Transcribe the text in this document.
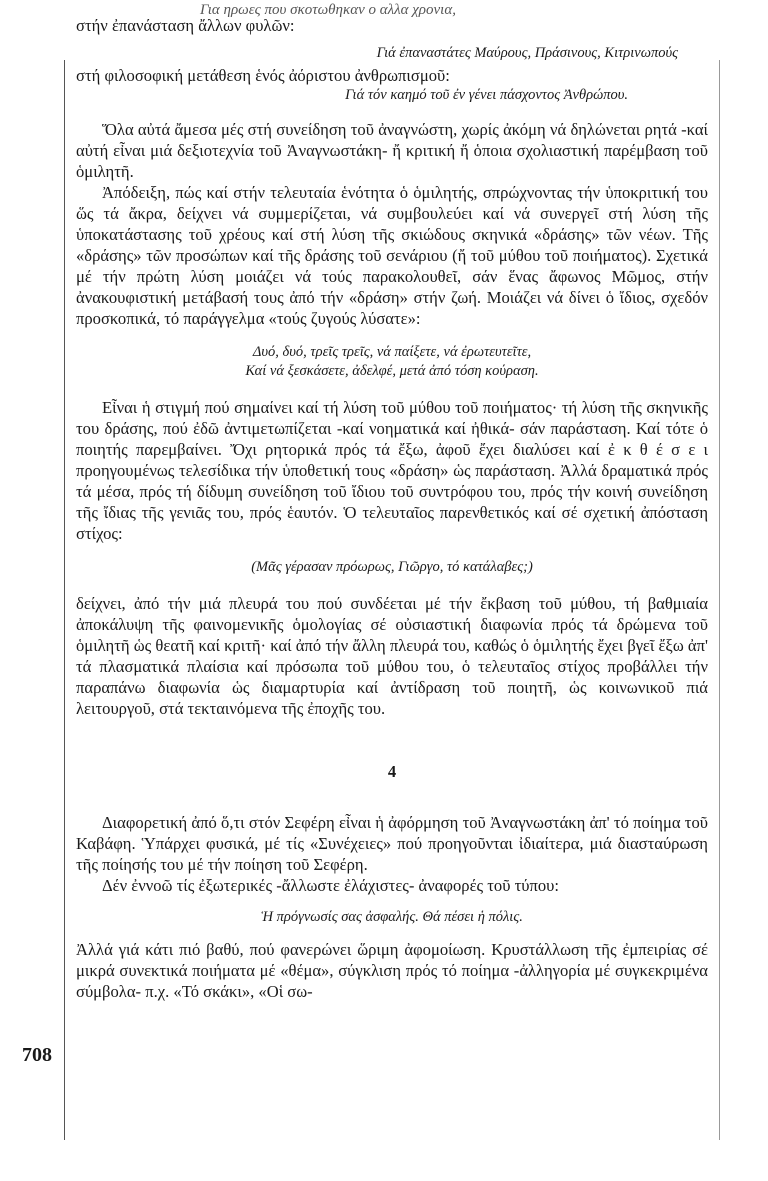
Για ηρωες που σκοτωθηκαν ο αλλα χρονια,
στήν ἐπανάσταση ἄλλων φυλῶν:

Γιά ἐπαναστάτες Μαύρους, Πράσινους, Κιτρινωπούς

στή φιλοσοφική μετάθεση ἑνός ἀόριστου ἀνθρωπισμοῦ:

Γιά τόν καημό τοῦ ἐν γένει πάσχοντος Ἀνθρώπου.

Ὅλα αὐτά ἄμεσα μές στή συνείδηση τοῦ ἀναγνώστη, χωρίς ἀκόμη νά δηλώνεται ρητά -καί αὐτή εἶναι μιά δεξιοτεχνία τοῦ Ἀναγνωστάκη- ἤ κριτική ἤ ὁποια σχολιαστική παρέμβαση τοῦ ὁμιλητῆ.

Ἀπόδειξη, πώς καί στήν τελευταία ἑνότητα ὁ ὁμιλητής, σπρώχνοντας τήν ὑποκριτική του ὥς τά ἄκρα, δείχνει νά συμμερίζεται, νά συμβουλεύει καί νά συνεργεῖ στή λύση τῆς ὑποκατάστασης τοῦ χρέους καί στή λύση τῆς σκιώδους σκηνικά «δράσης» τῶν νέων. Τῆς «δράσης» τῶν προσώπων καί τῆς δράσης τοῦ σενάριου (ἤ τοῦ μύθου τοῦ ποιήματος). Σχετικά μέ τήν πρώτη λύση μοιάζει νά τούς παρακολουθεῖ, σάν ἕνας ἄφωνος Μῶμος, στήν ἀνακουφιστική μετάβασή τους ἀπό τήν «δράση» στήν ζωή. Μοιάζει νά δίνει ὁ ἴδιος, σχεδόν προσκοπικά, τό παράγγελμα «τούς ζυγούς λύσατε»:

Δυό, δυό, τρεῖς τρεῖς, νά παίξετε, νά ἐρωτευτεῖτε,

Καί νά ξεσκάσετε, ἀδελφέ, μετά ἀπό τόση κούραση.

Εἶναι ἡ στιγμή πού σημαίνει καί τή λύση τοῦ μύθου τοῦ ποιήματος· τή λύση τῆς σκηνικῆς του δράσης, πού ἐδῶ ἀντιμετωπίζεται -καί νοηματικά καί ἠθικά- σάν παράσταση. Καί τότε ὁ ποιητής παρεμβαίνει. Ὄχι ρητορικά πρός τά ἔξω, ἀφοῦ ἔχει διαλύσει καί ἐ κ θ έ σ ε ι προηγουμένως τελεσίδικα τήν ὑποθετική τους «δράση» ὡς παράσταση. Ἀλλά δραματικά πρός τά μέσα, πρός τή δίδυμη συνείδηση τοῦ ἴδιου τοῦ συντρόφου του, πρός τήν κοινή συνείδηση τῆς ἴδιας τῆς γενιᾶς του, πρός ἑαυτόν. Ὁ τελευταῖος παρενθετικός καί σέ σχετική ἀπόσταση στίχος:

(Μᾶς γέρασαν πρόωρως, Γιῶργο, τό κατάλαβες;)

δείχνει, ἀπό τήν μιά πλευρά του πού συνδέεται μέ τήν ἔκβαση τοῦ μύθου, τή βαθμιαία ἀποκάλυψη τῆς φαινομενικῆς ὁμολογίας σέ οὐσιαστική διαφωνία πρός τά δρώμενα τοῦ ὁμιλητῆ ὡς θεατῆ καί κριτῆ· καί ἀπό τήν ἄλλη πλευρά του, καθώς ὁ ὁμιλητής ἔχει βγεῖ ἔξω ἀπ' τά πλασματικά πλαίσια καί πρόσωπα τοῦ μύθου του, ὁ τελευταῖος στίχος προβάλλει τήν παραπάνω διαφωνία ὡς διαμαρτυρία καί ἀντίδραση τοῦ ποιητῆ, ὡς κοινωνικοῦ πιά λειτουργοῦ, στά τεκταινόμενα τῆς ἐποχῆς του.

4

Διαφορετική ἀπό ὅ,τι στόν Σεφέρη εἶναι ἡ ἀφόρμηση τοῦ Ἀναγνωστάκη ἀπ' τό ποίημα τοῦ Καβάφη. Ὑπάρχει φυσικά, μέ τίς «Συνέχειες» πού προηγοῦνται ἰδιαίτερα, μιά διασταύρωση τῆς ποίησής του μέ τήν ποίηση τοῦ Σεφέρη.

Δέν ἐννοῶ τίς ἐξωτερικές -ἄλλωστε ἐλάχιστες- ἀναφορές τοῦ τύπου:

Ἡ πρόγνωσίς σας ἀσφαλής. Θά πέσει ἡ πόλις.

Ἀλλά γιά κάτι πιό βαθύ, πού φανερώνει ὥριμη ἀφομοίωση. Κρυστάλλωση τῆς ἐμπειρίας σέ μικρά συνεκτικά ποιήματα μέ «θέμα», σύγκλιση πρός τό ποίημα -ἀλληγορία μέ συγκεκριμένα σύμβολα- π.χ. «Τό σκάκι», «Οἱ σω-

708
